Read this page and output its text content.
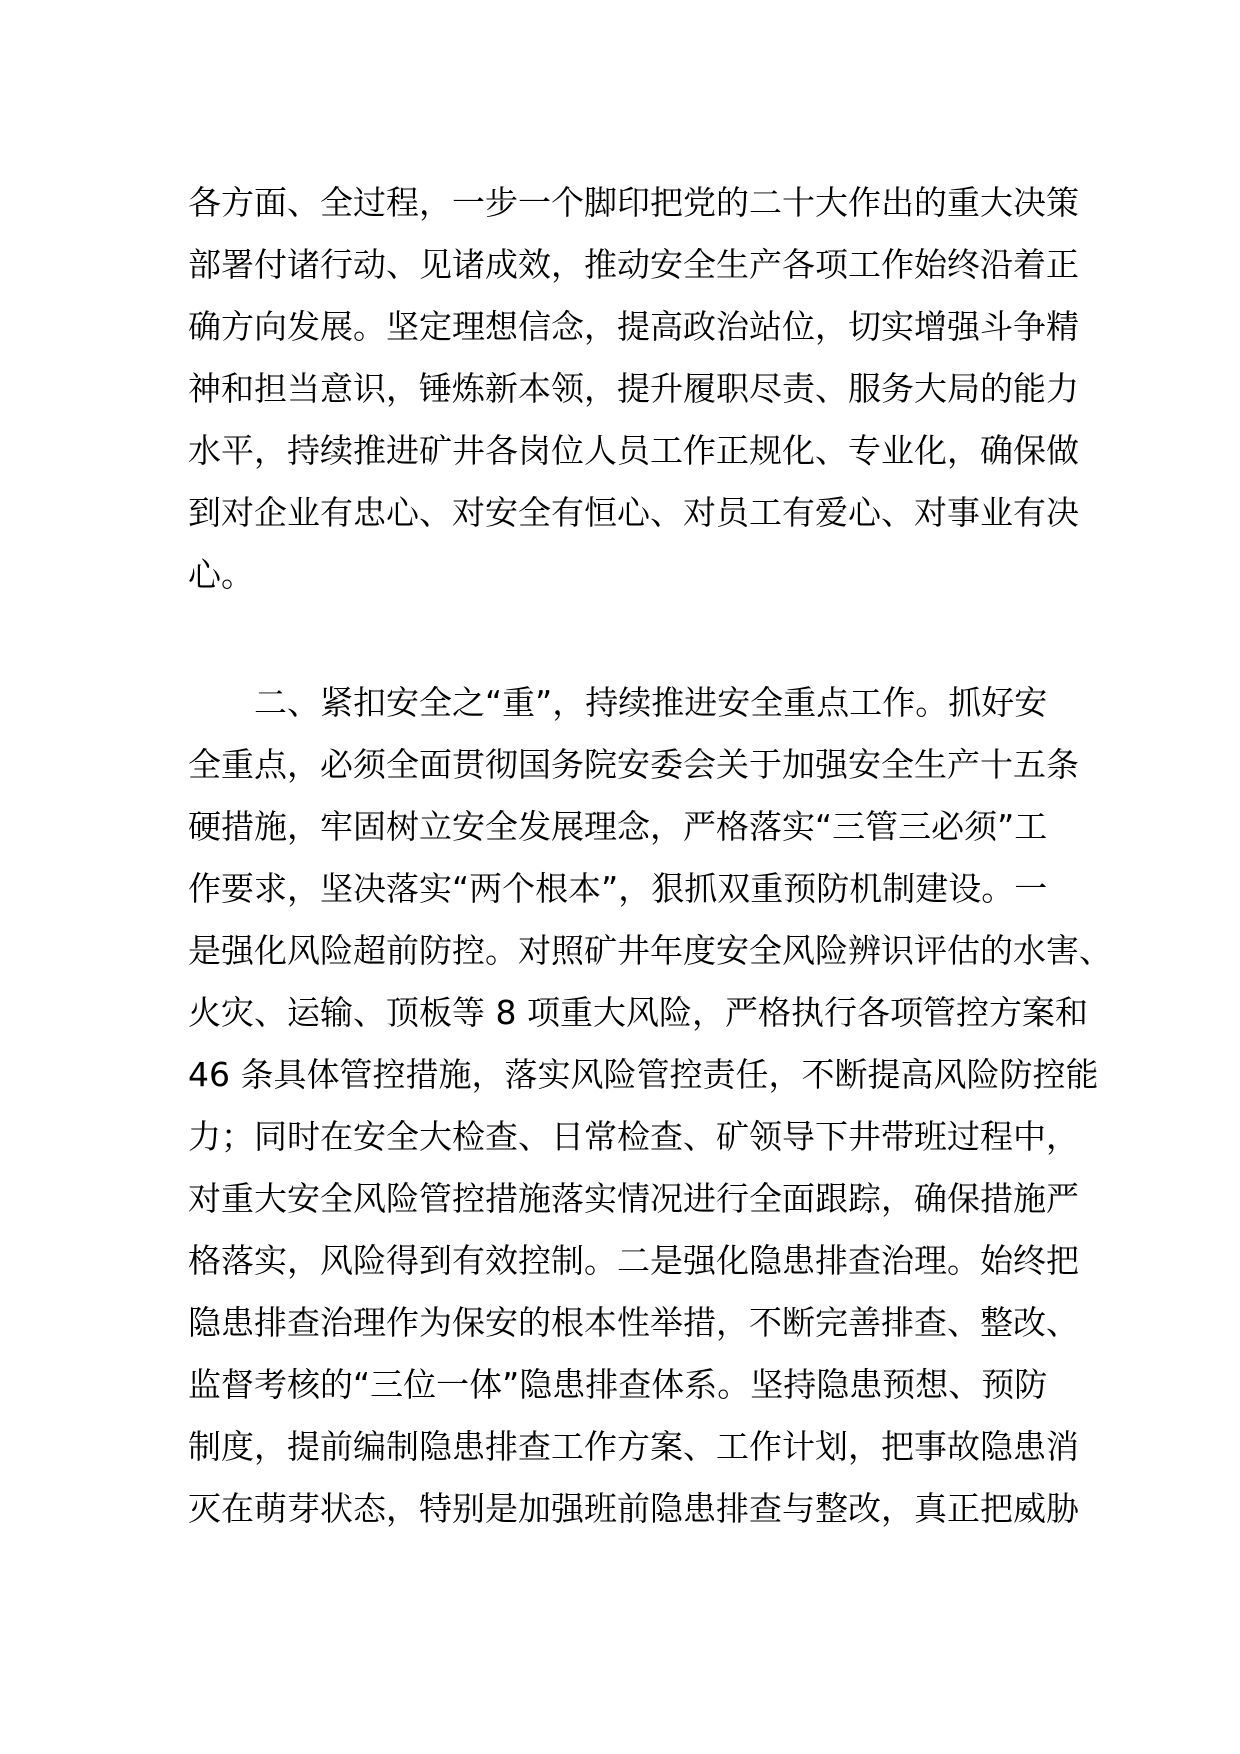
各方面、全过程，一步一个脚印把党的二十大作出的重大决策
部署付诸行动、见诸成效，推动安全生产各项工作始终沿着正
确方向发展。坚定理想信念，提高政治站位，切实增强斗争精
神和担当意识，锤炼新本领，提升履职尽责、服务大局的能力
水平，持续推进矿井各岗位人员工作正规化、专业化，确保做
到对企业有忠心、对安全有恒心、对员工有爱心、对事业有决
心。
二、紧扣安全之“重”，持续推进安全重点工作。抓好安
全重点，必须全面贯彻国务院安委会关于加强安全生产十五条
硬措施，牢固树立安全发展理念，严格落实“三管三必须”工
作要求，坚决落实“两个根本”，狠抓双重预防机制建设。一
是强化风险超前防控。对照矿井年度安全风险辨识评估的水害、
火灾、运输、顶板等 8 项重大风险，严格执行各项管控方案和
46 条具体管控措施，落实风险管控责任，不断提高风险防控能
力；同时在安全大检查、日常检查、矿领导下井带班过程中，
对重大安全风险管控措施落实情况进行全面跟踪，确保措施严
格落实，风险得到有效控制。二是强化隐患排查治理。始终把
隐患排查治理作为保安的根本性举措，不断完善排查、整改、
监督考核的“三位一体”隐患排查体系。坚持隐患预想、预防
制度，提前编制隐患排查工作方案、工作计划，把事故隐患消
灭在萌芽状态，特别是加强班前隐患排查与整改，真正把威胁
